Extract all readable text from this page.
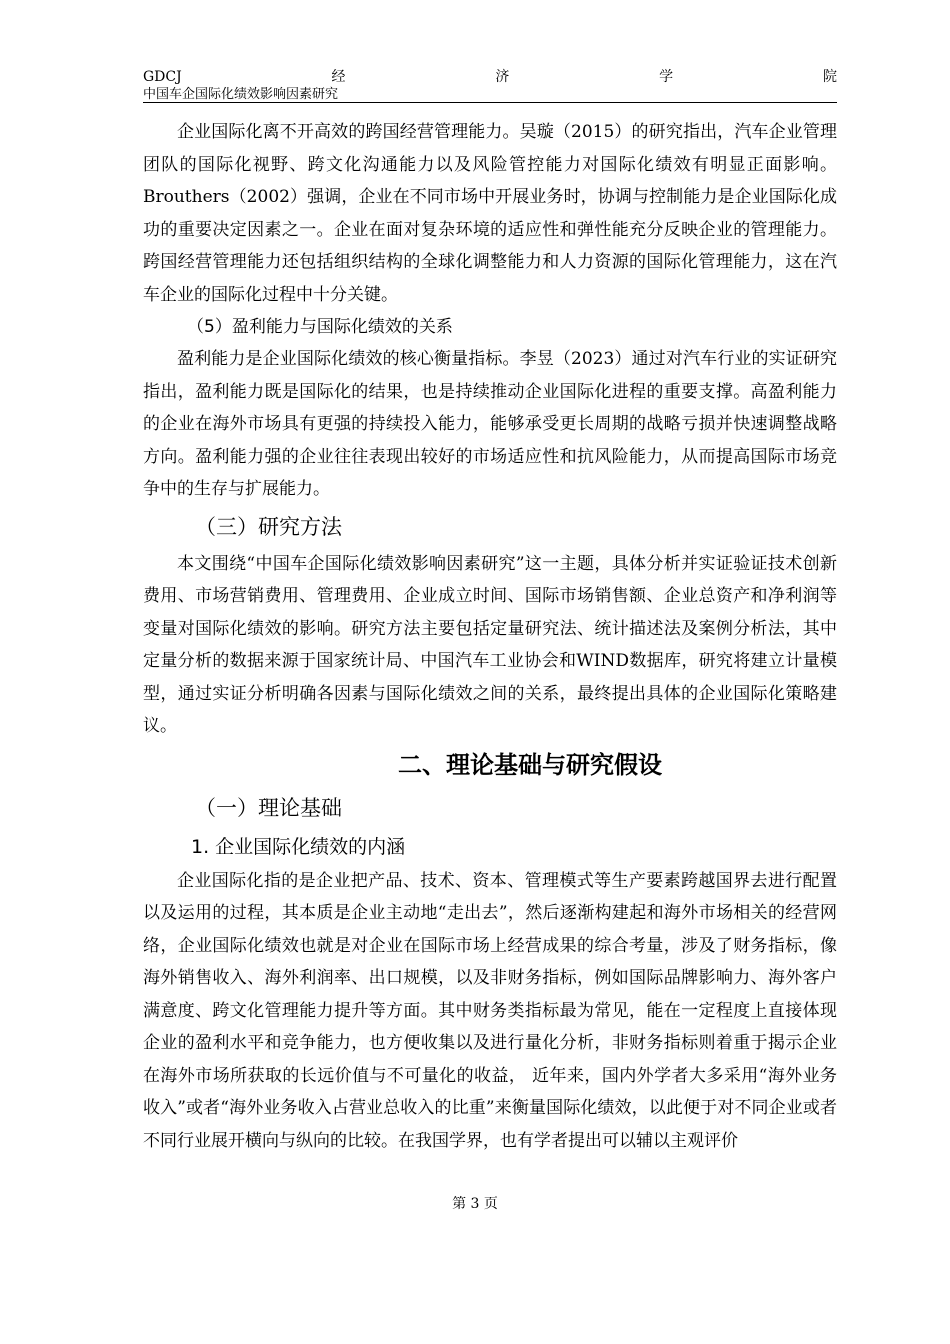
GDCJ	经	济	学	院
中国车企国际化绩效影响因素研究

企业国际化离不开高效的跨国经营管理能力。吴璇（2015）的研究指出，汽车企业管理团队的国际化视野、跨文化沟通能力以及风险管控能力对国际化绩效有明显正面影响。Brouthers（2002）强调，企业在不同市场中开展业务时，协调与控制能力是企业国际化成功的重要决定因素之一。企业在面对复杂环境的适应性和弹性能充分反映企业的管理能力。跨国经营管理能力还包括组织结构的全球化调整能力和人力资源的国际化管理能力，这在汽车企业的国际化过程中十分关键。

（5）盈利能力与国际化绩效的关系

盈利能力是企业国际化绩效的核心衡量指标。李昱（2023）通过对汽车行业的实证研究指出，盈利能力既是国际化的结果，也是持续推动企业国际化进程的重要支撑。高盈利能力的企业在海外市场具有更强的持续投入能力，能够承受更长周期的战略亏损并快速调整战略方向。盈利能力强的企业往往表现出较好的市场适应性和抗风险能力，从而提高国际市场竞争中的生存与扩展能力。

（三）研究方法

本文围绕“中国车企国际化绩效影响因素研究”这一主题，具体分析并实证验证技术创新费用、市场营销费用、管理费用、企业成立时间、国际市场销售额、企业总资产和净利润等变量对国际化绩效的影响。研究方法主要包括定量研究法、统计描述法及案例分析法，其中定量分析的数据来源于国家统计局、中国汽车工业协会和WIND数据库，研究将建立计量模型，通过实证分析明确各因素与国际化绩效之间的关系，最终提出具体的企业国际化策略建议。

二、理论基础与研究假设
（一）理论基础
1. 企业国际化绩效的内涵

企业国际化指的是企业把产品、技术、资本、管理模式等生产要素跨越国界去进行配置以及运用的过程，其本质是企业主动地“走出去”，然后逐渐构建起和海外市场相关的经营网络，企业国际化绩效也就是对企业在国际市场上经营成果的综合考量，涉及了财务指标，像海外销售收入、海外利润率、出口规模，以及非财务指标，例如国际品牌影响力、海外客户满意度、跨文化管理能力提升等方面。其中财务类指标最为常见，能在一定程度上直接体现企业的盈利水平和竞争能力，也方便收集以及进行量化分析，非财务指标则着重于揭示企业在海外市场所获取的长远价值与不可量化的收益， 近年来，国内外学者大多采用“海外业务收入”或者“海外业务收入占营业总收入的比重”来衡量国际化绩效，以此便于对不同企业或者不同行业展开横向与纵向的比较。在我国学界，也有学者提出可以辅以主观评价

第 3 页
